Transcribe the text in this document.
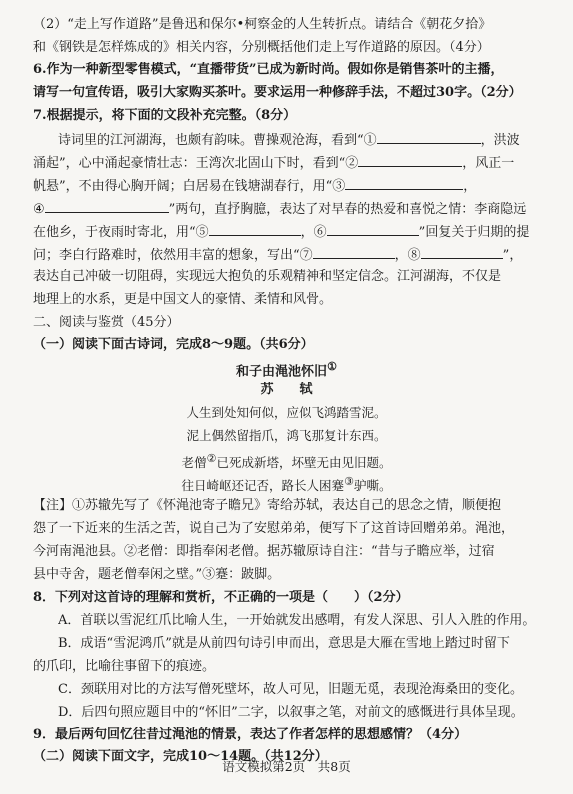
（2）“走上写作道路”是鲁迅和保尔•柯察金的人生转折点。请结合《朝花夕拾》
和《钢铁是怎样炼成的》相关内容，分别概括他们走上写作道路的原因。（4分）
6.作为一种新型零售模式，“直播带货”已成为新时尚。假如你是销售茶叶的主播，
请写一句宣传语，吸引大家购买茶叶。要求运用一种修辞手法，不超过30字。（2分）
7.根据提示，将下面的文段补充完整。（8分）
诗词里的江河湖海，也颇有韵味。曹操观沧海，看到“①	，洪波
涌起”，心中涌起豪情壮志：王湾次北固山下时，看到“②	，风正一
帆悬”，不由得心胸开阔；白居易在钱塘湖春行，用“③	，
④	”两句，直抒胸臆，表达了对早春的热爱和喜悦之情：李商隐远
在他乡，于夜雨时寄北，用“⑤	，⑥	”回复关于归期的提
问；李白行路难时，依然用丰富的想象，写出“⑦	，⑧	”，
表达自己冲破一切阻碍，实现远大抱负的乐观精神和坚定信念。江河湖海，不仅是
地理上的水系，更是中国文人的豪情、柔情和风骨。
二、阅读与鉴赏（45分）
（一）阅读下面古诗词，完成8～9题。（共6分）
和子由渑池怀旧①
苏　　轼
人生到处知何似，应似飞鸿踏雪泥。
泥上偶然留指爪，鸿飞那复计东西。
老僧②已死成新塔，坏壁无由见旧题。
往日崎岖还记否，路长人困蹇③驴嘶。
【注】①苏辙先写了《怀渑池寄子瞻兄》寄给苏轼，表达自己的思念之情，顺便抱
怨了一下近来的生活之苦，说自己为了安慰弟弟，便写下了这首诗回赠弟弟。渑池，
今河南渑池县。②老僧：即指奉闲老僧。据苏辙原诗自注：“昔与子瞻应举，过宿
县中寺舍，题老僧奉闲之壁。”③蹇：跛脚。
8．下列对这首诗的理解和赏析，不正确的一项是（　　）（2分）
A．首联以雪泥红爪比喻人生，一开始就发出感喟，有发人深思、引人入胜的作用。
B．成语“雪泥鸿爪”就是从前四句诗引申而出，意思是大雁在雪地上踏过时留下
的爪印，比喻往事留下的痕迹。
C．颈联用对比的方法写僧死壁坏，故人可见，旧题无觅，表现沧海桑田的变化。
D．后四句照应题目中的“怀旧”二字，以叙事之笔，对前文的感慨进行具体呈现。
9．最后两句回忆往昔过渑池的情景，表达了作者怎样的思想感情？（4分）
（二）阅读下面文字，完成10～14题。（共12分）
语文模拟第2页　共8页
